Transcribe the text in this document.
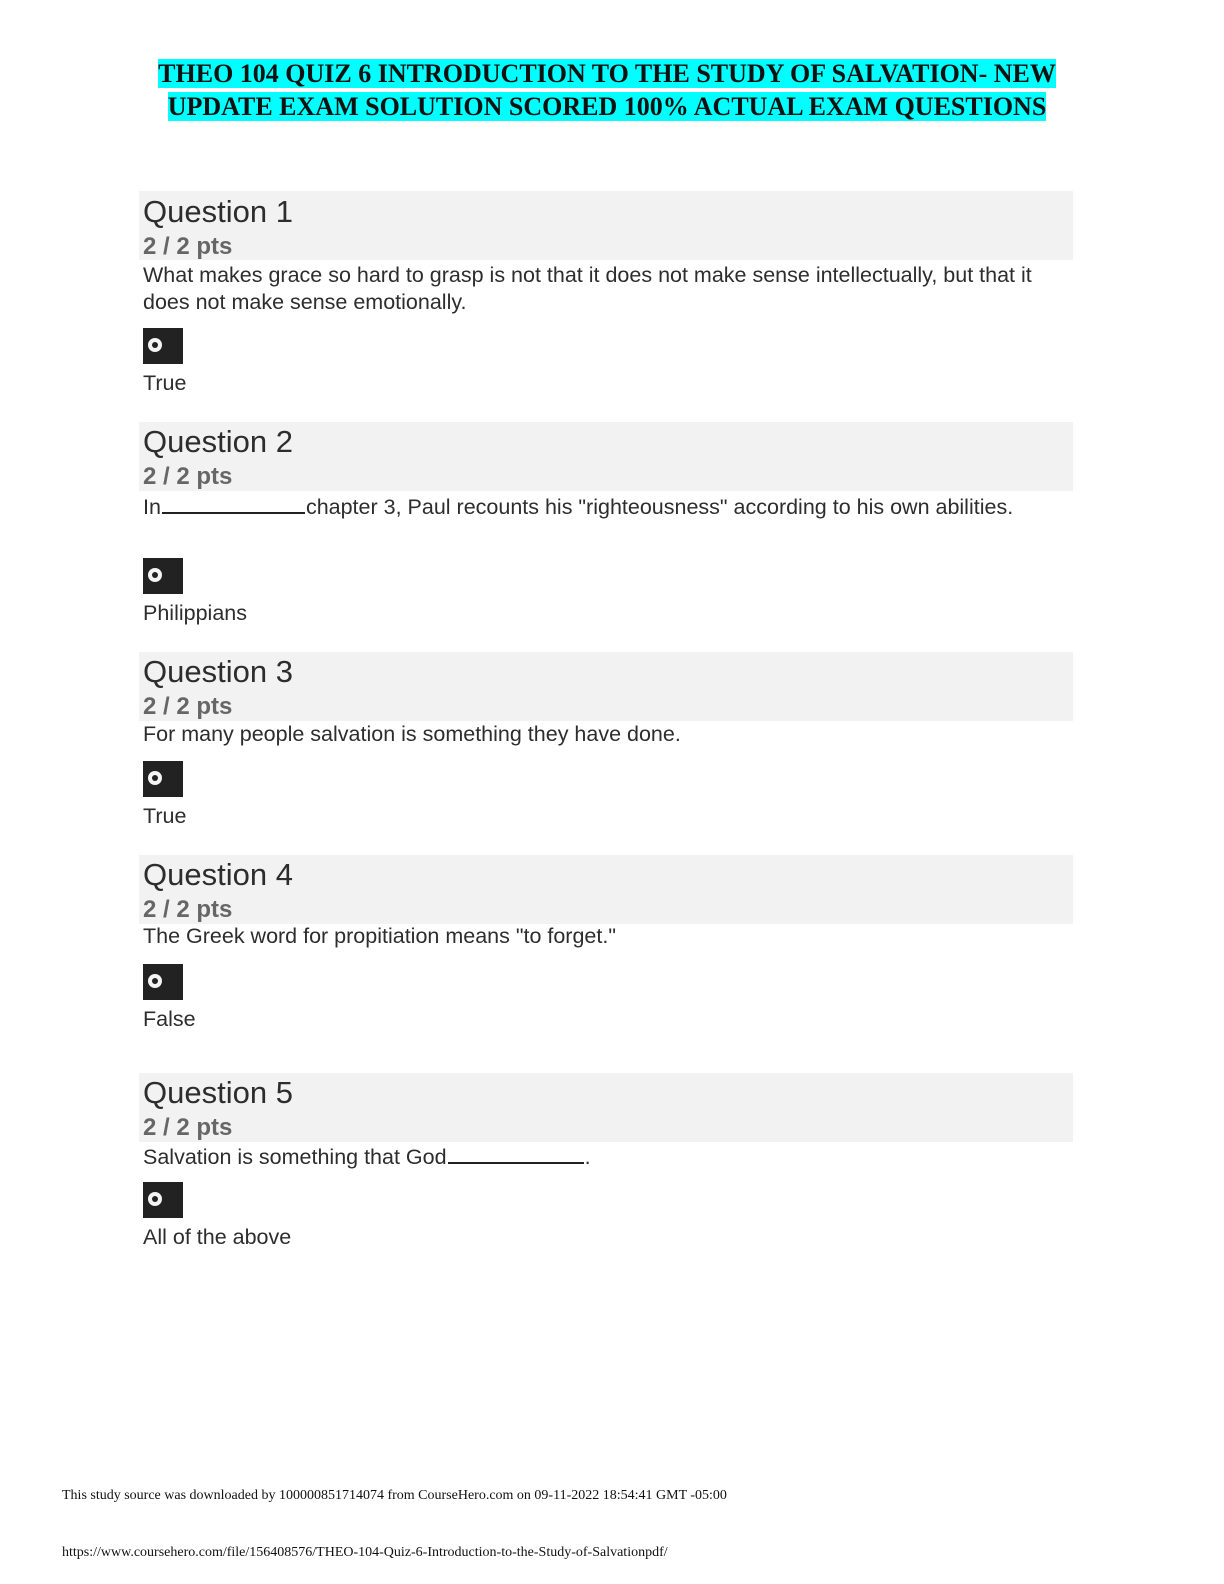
THEO 104 QUIZ 6 INTRODUCTION TO THE STUDY OF SALVATION- NEW UPDATE EXAM SOLUTION SCORED 100% ACTUAL EXAM QUESTIONS
Question 1
2 / 2 pts
What makes grace so hard to grasp is not that it does not make sense intellectually, but that it does not make sense emotionally.
True
Question 2
2 / 2 pts
In	chapter 3, Paul recounts his "righteousness" according to his own abilities.
Philippians
Question 3
2 / 2 pts
For many people salvation is something they have done.
True
Question 4
2 / 2 pts
The Greek word for propitiation means "to forget."
False
Question 5
2 / 2 pts
Salvation is something that God	.
All of the above
This study source was downloaded by 100000851714074 from CourseHero.com on 09-11-2022 18:54:41 GMT -05:00
https://www.coursehero.com/file/156408576/THEO-104-Quiz-6-Introduction-to-the-Study-of-Salvationpdf/
